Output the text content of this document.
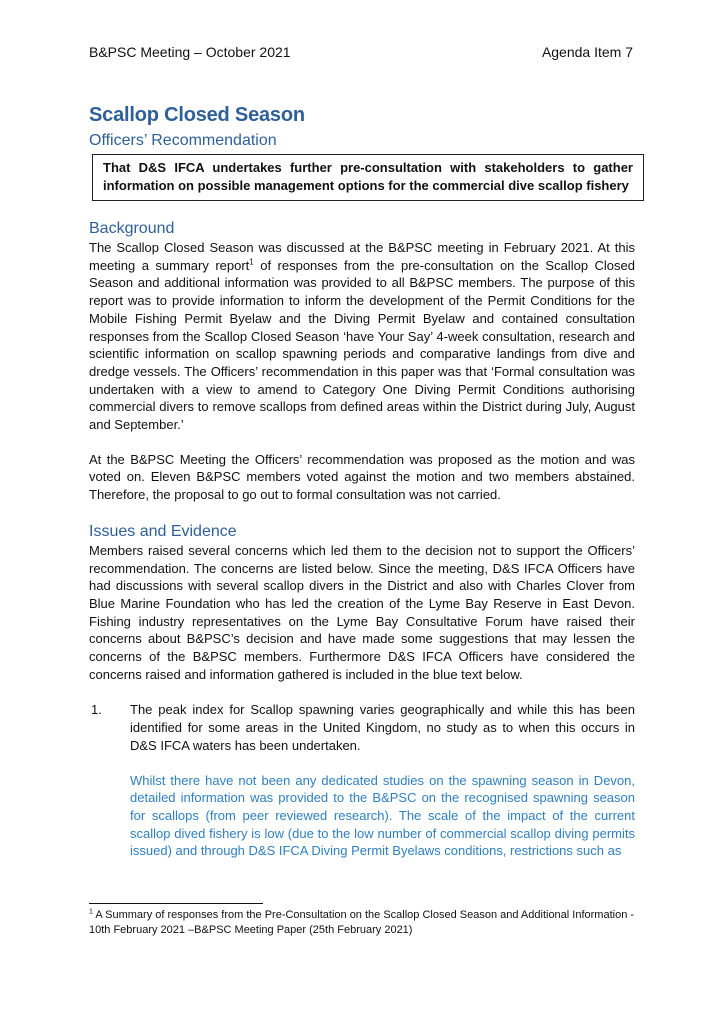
B&PSC Meeting – October 2021	Agenda Item 7
Scallop Closed Season
Officers’ Recommendation
That D&S IFCA undertakes further pre-consultation with stakeholders to gather information on possible management options for the commercial dive scallop fishery
Background

The Scallop Closed Season was discussed at the B&PSC meeting in February 2021. At this meeting a summary report$^1$ of responses from the pre-consultation on the Scallop Closed Season and additional information was provided to all B&PSC members. The purpose of this report was to provide information to inform the development of the Permit Conditions for the Mobile Fishing Permit Byelaw and the Diving Permit Byelaw and contained consultation responses from the Scallop Closed Season ‘have Your Say’ 4-week consultation, research and scientific information on scallop spawning periods and comparative landings from dive and dredge vessels. The Officers’ recommendation in this paper was that ‘Formal consultation was undertaken with a view to amend to Category One Diving Permit Conditions authorising commercial divers to remove scallops from defined areas within the District during July, August and September.’

At the B&PSC Meeting the Officers’ recommendation was proposed as the motion and was voted on. Eleven B&PSC members voted against the motion and two members abstained. Therefore, the proposal to go out to formal consultation was not carried.

Issues and Evidence

Members raised several concerns which led them to the decision not to support the Officers’ recommendation. The concerns are listed below. Since the meeting, D&S IFCA Officers have had discussions with several scallop divers in the District and also with Charles Clover from Blue Marine Foundation who has led the creation of the Lyme Bay Reserve in East Devon. Fishing industry representatives on the Lyme Bay Consultative Forum have raised their concerns about B&PSC’s decision and have made some suggestions that may lessen the concerns of the B&PSC members. Furthermore D&S IFCA Officers have considered the concerns raised and information gathered is included in the blue text below.

1.	The peak index for Scallop spawning varies geographically and while this has been identified for some areas in the United Kingdom, no study as to when this occurs in D&S IFCA waters has been undertaken.

Whilst there have not been any dedicated studies on the spawning season in Devon, detailed information was provided to the B&PSC on the recognised spawning season for scallops (from peer reviewed research). The scale of the impact of the current scallop dived fishery is low (due to the low number of commercial scallop diving permits issued) and through D&S IFCA Diving Permit Byelaws conditions, restrictions such as

$^1$ A Summary of responses from the Pre-Consultation on the Scallop Closed Season and Additional Information - 10th February 2021 –B&PSC Meeting Paper (25th February 2021)
